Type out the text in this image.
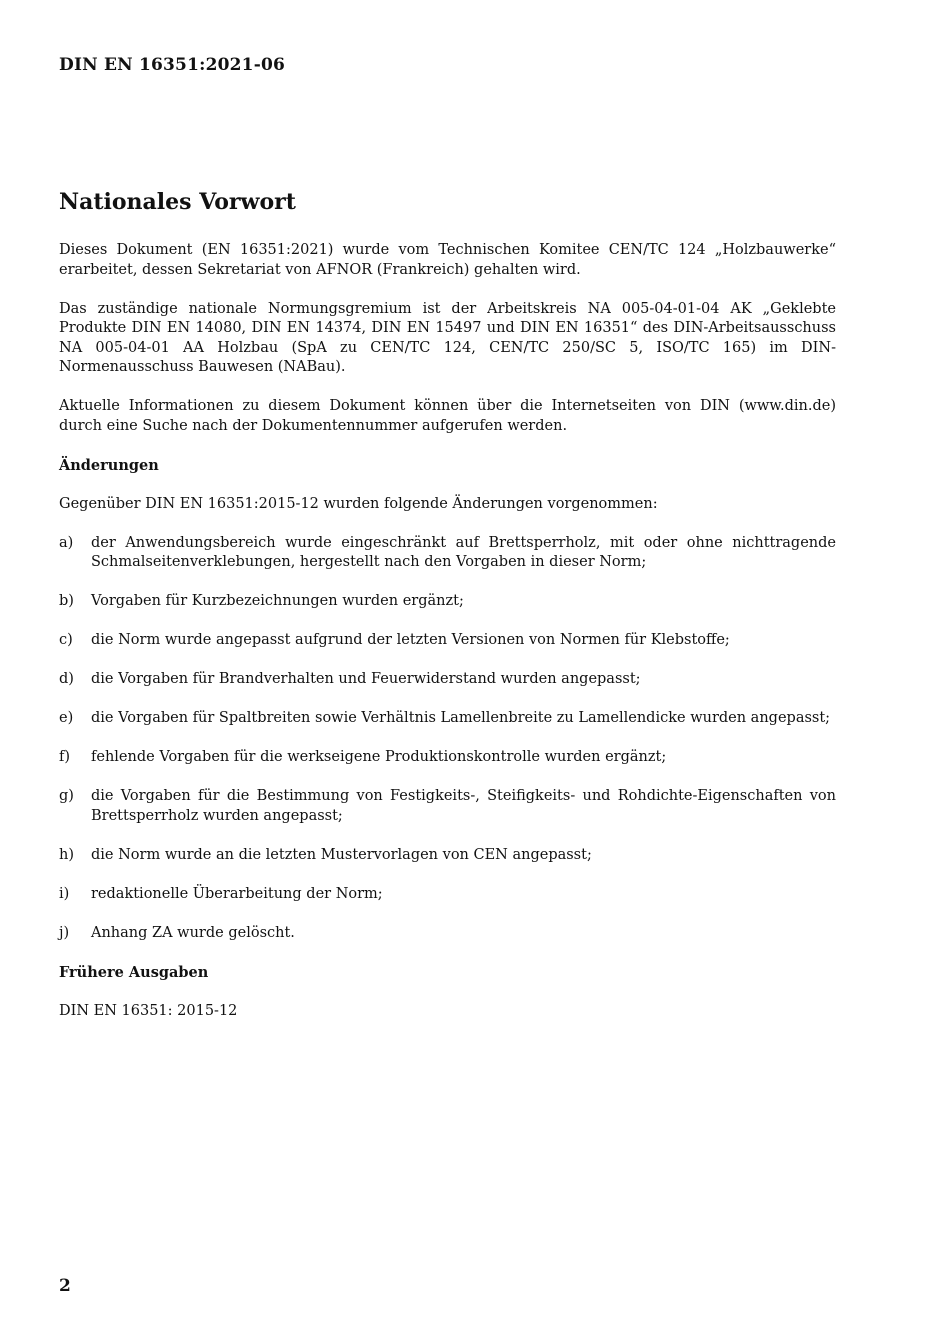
DIN EN 16351:2021-06
Nationales Vorwort

Dieses Dokument (EN 16351:2021) wurde vom Technischen Komitee CEN/TC 124 „Holzbauwerke“ erarbeitet, dessen Sekretariat von AFNOR (Frankreich) gehalten wird.

Das zuständige nationale Normungsgremium ist der Arbeitskreis NA 005-04-01-04 AK „Geklebte Produkte DIN EN 14080, DIN EN 14374, DIN EN 15497 und DIN EN 16351“ des DIN-Arbeitsausschuss NA 005-04-01 AA Holzbau (SpA zu CEN/TC 124, CEN/TC 250/SC 5, ISO/TC 165) im DIN-Normenausschuss Bauwesen (NABau).

Aktuelle Informationen zu diesem Dokument können über die Internetseiten von DIN (www.din.de) durch eine Suche nach der Dokumentennummer aufgerufen werden.

Änderungen

Gegenüber DIN EN 16351:2015-12 wurden folgende Änderungen vorgenommen:

a)	der Anwendungsbereich wurde eingeschränkt auf Brettsperrholz, mit oder ohne nichttragende Schmalseitenverklebungen, hergestellt nach den Vorgaben in dieser Norm;
b)	Vorgaben für Kurzbezeichnungen wurden ergänzt;
c)	die Norm wurde angepasst aufgrund der letzten Versionen von Normen für Klebstoffe;
d)	die Vorgaben für Brandverhalten und Feuerwiderstand wurden angepasst;
e)	die Vorgaben für Spaltbreiten sowie Verhältnis Lamellenbreite zu Lamellendicke wurden angepasst;
f)	fehlende Vorgaben für die werkseigene Produktionskontrolle wurden ergänzt;
g)	die Vorgaben für die Bestimmung von Festigkeits-, Steifigkeits- und Rohdichte-Eigenschaften von Brettsperrholz wurden angepasst;
h)	die Norm wurde an die letzten Mustervorlagen von CEN angepasst;
i)	redaktionelle Überarbeitung der Norm;
j)	Anhang ZA wurde gelöscht.
Frühere Ausgaben

DIN EN 16351: 2015-12

2
